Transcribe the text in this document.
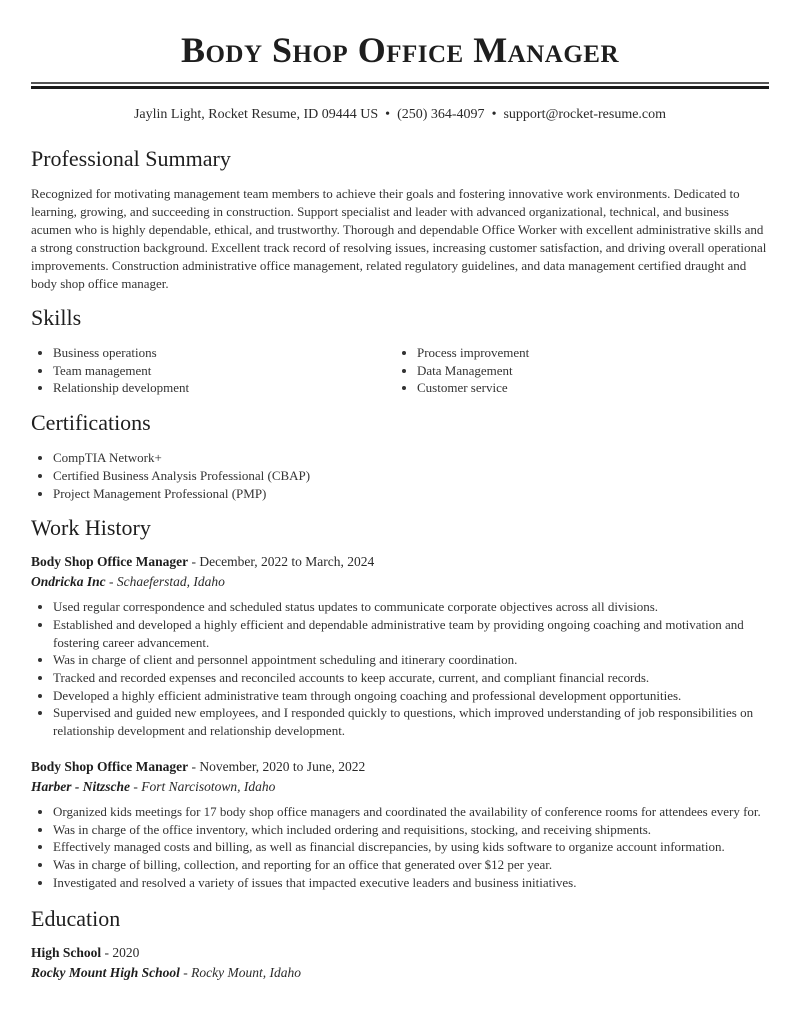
Body Shop Office Manager
Jaylin Light, Rocket Resume, ID 09444 US • (250) 364-4097 • support@rocket-resume.com
Professional Summary

Recognized for motivating management team members to achieve their goals and fostering innovative work environments. Dedicated to learning, growing, and succeeding in construction. Support specialist and leader with advanced organizational, technical, and business acumen who is highly dependable, ethical, and trustworthy. Thorough and dependable Office Worker with excellent administrative skills and a strong construction background. Excellent track record of resolving issues, increasing customer satisfaction, and driving overall operational improvements. Construction administrative office management, related regulatory guidelines, and data management certified draught and body shop office manager.

Skills
• Business operations
• Team management
• Relationship development
• Process improvement
• Data Management
• Customer service
Certifications
• CompTIA Network+
• Certified Business Analysis Professional (CBAP)
• Project Management Professional (PMP)
Work History
Body Shop Office Manager - December, 2022 to March, 2024
Ondricka Inc - Schaeferstad, Idaho
• Used regular correspondence and scheduled status updates to communicate corporate objectives across all divisions.
• Established and developed a highly efficient and dependable administrative team by providing ongoing coaching and motivation and fostering career advancement.
• Was in charge of client and personnel appointment scheduling and itinerary coordination.
• Tracked and recorded expenses and reconciled accounts to keep accurate, current, and compliant financial records.
• Developed a highly efficient administrative team through ongoing coaching and professional development opportunities.
• Supervised and guided new employees, and I responded quickly to questions, which improved understanding of job responsibilities on relationship development and relationship development.
Body Shop Office Manager - November, 2020 to June, 2022
Harber - Nitzsche - Fort Narcisotown, Idaho
• Organized kids meetings for 17 body shop office managers and coordinated the availability of conference rooms for attendees every for.
• Was in charge of the office inventory, which included ordering and requisitions, stocking, and receiving shipments.
• Effectively managed costs and billing, as well as financial discrepancies, by using kids software to organize account information.
• Was in charge of billing, collection, and reporting for an office that generated over $12 per year.
• Investigated and resolved a variety of issues that impacted executive leaders and business initiatives.
Education
High School - 2020
Rocky Mount High School - Rocky Mount, Idaho
